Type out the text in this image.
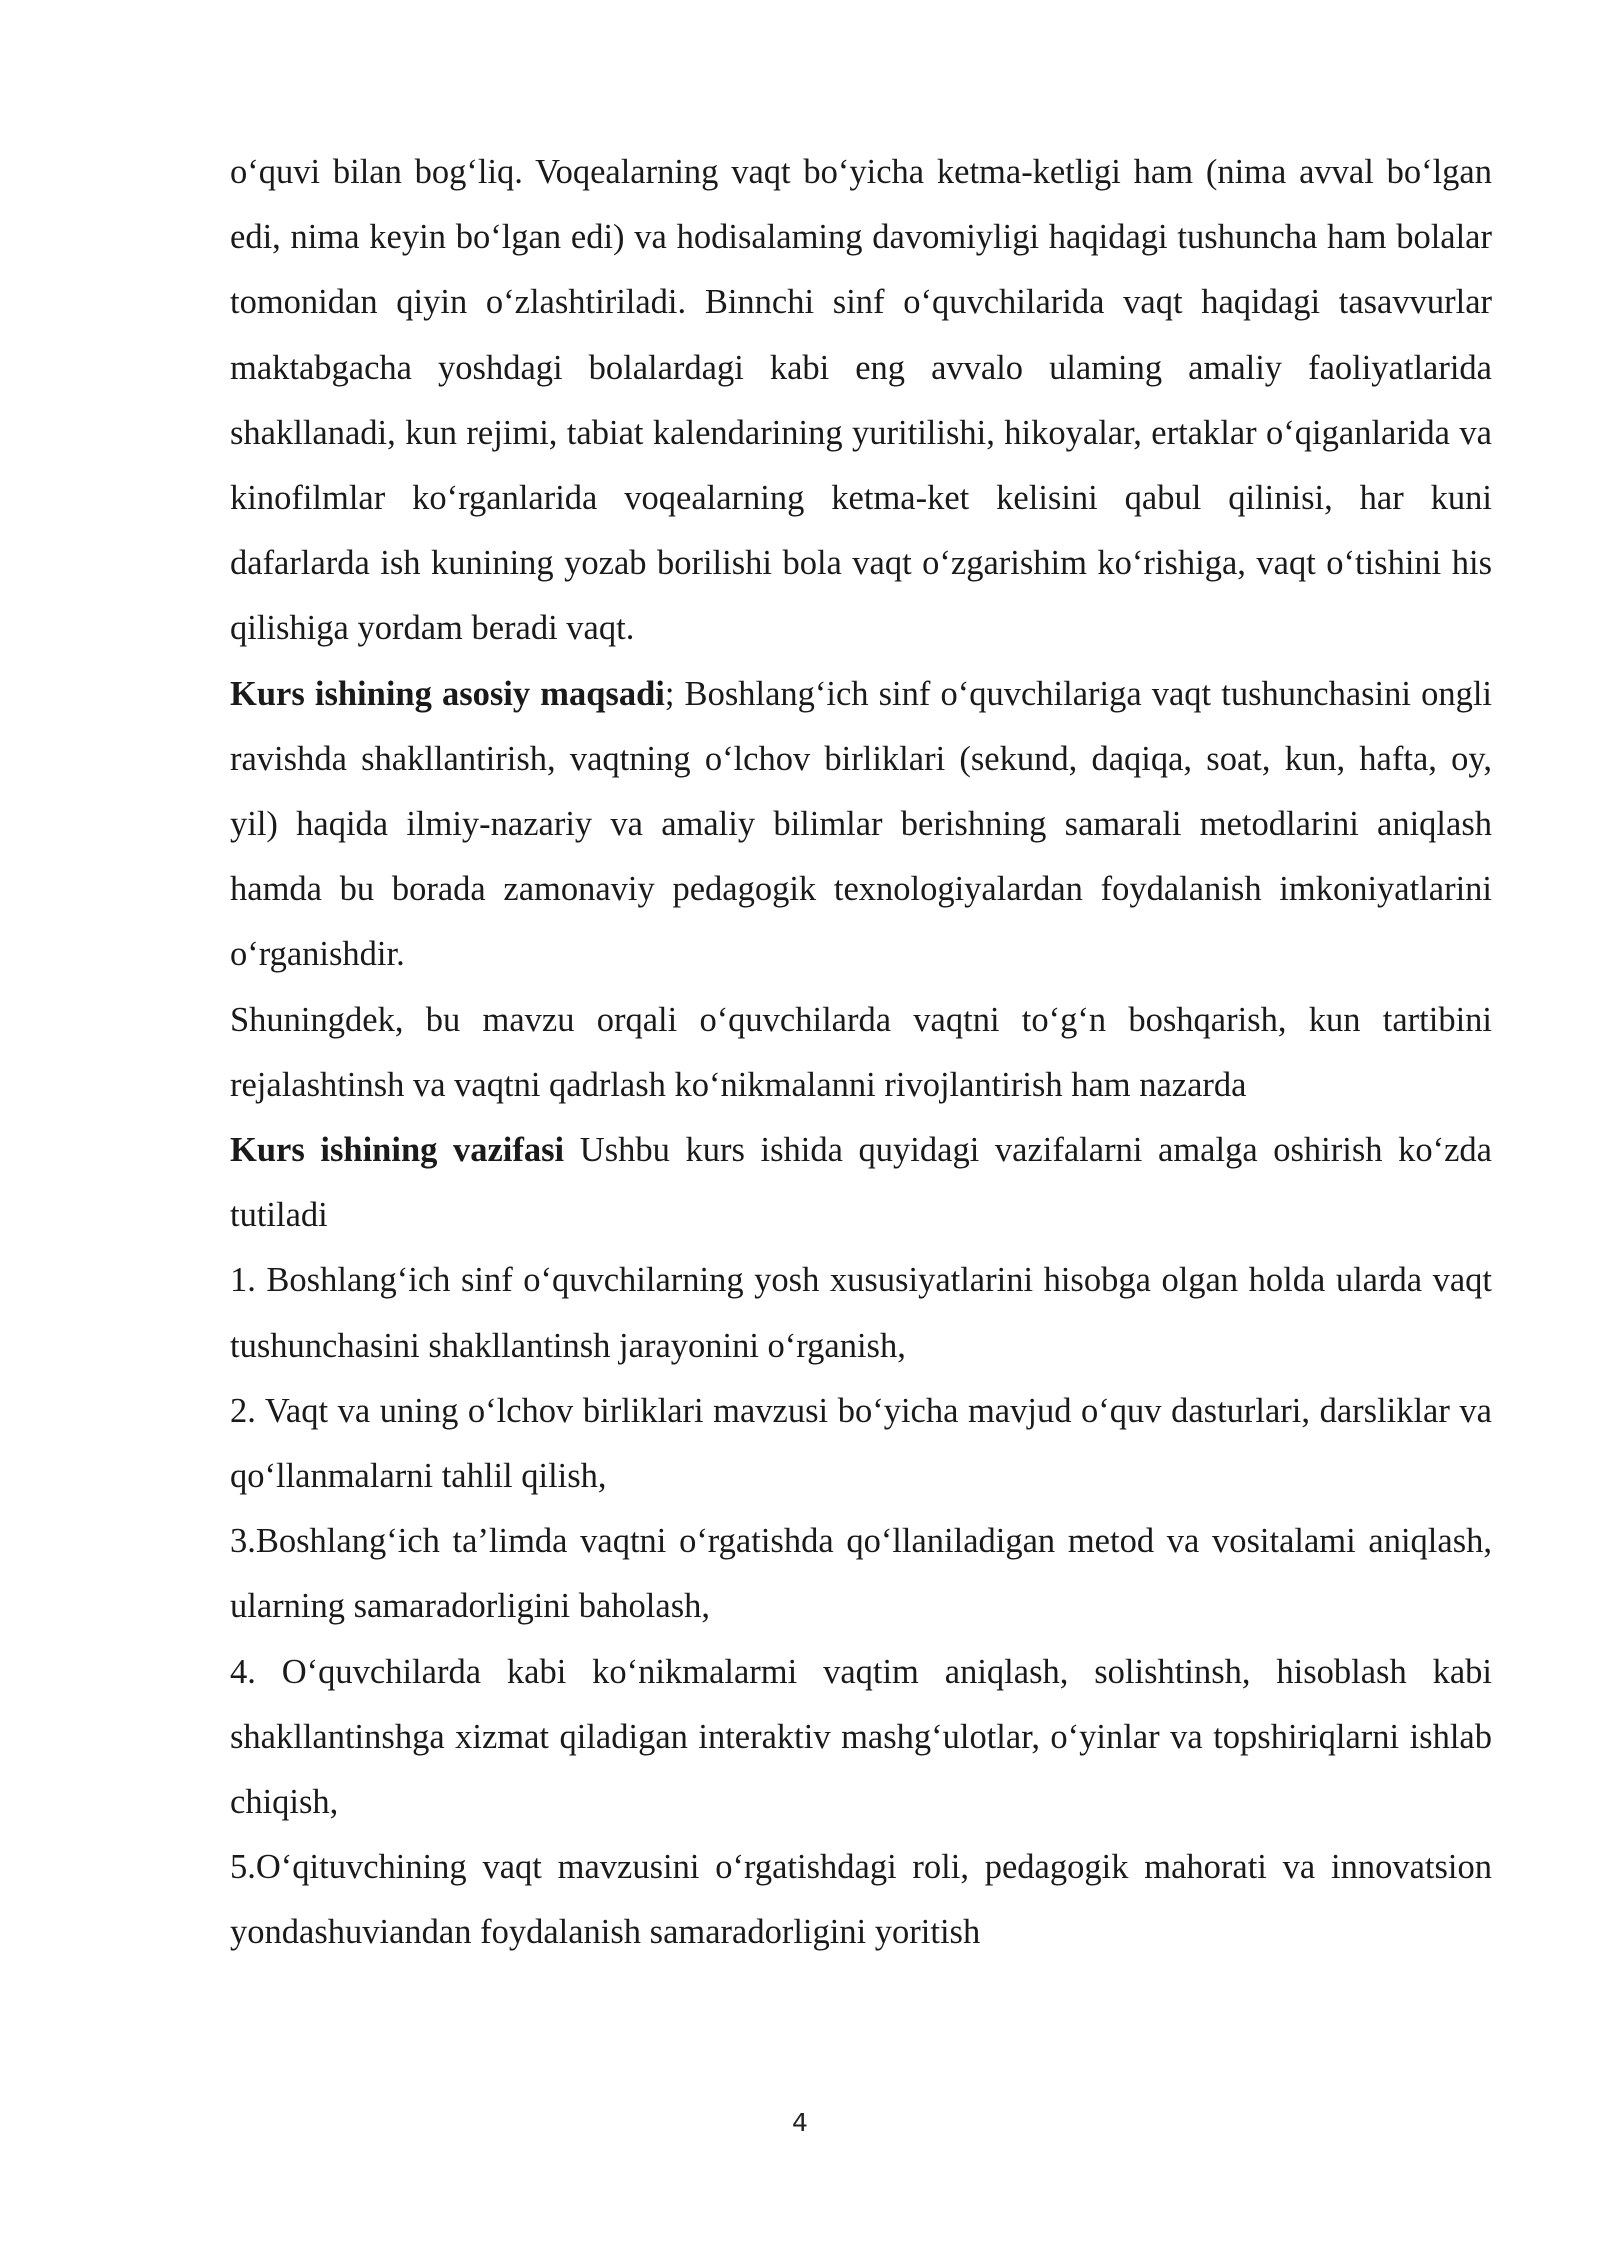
o‘quvi bilan bog‘liq. Voqealarning vaqt bo‘yicha ketma-ketligi ham (nima avval bo‘lgan edi, nima keyin bo‘lgan edi) va hodisalaming davomiyligi haqidagi tushuncha ham bolalar tomonidan qiyin o‘zlashtiriladi. Binnchi sinf o‘quvchilarida vaqt haqidagi tasavvurlar maktabgacha yoshdagi bolalardagi kabi eng avvalo ulaming amaliy faoliyatlarida shakllanadi, kun rejimi, tabiat kalendarining yuritilishi, hikoyalar, ertaklar o‘qiganlarida va kinofilmlar ko‘rganlarida voqealarning ketma-ket kelisini qabul qilinisi, har kuni dafarlarda ish kunining yozab borilishi bola vaqt o‘zgarishim ko‘rishiga, vaqt o‘tishini his qilishiga yordam beradi vaqt.

Kurs ishining asosiy maqsadi; Boshlang‘ich sinf o‘quvchilariga vaqt tushunchasini ongli ravishda shakllantirish, vaqtning o‘lchov birliklari (sekund, daqiqa, soat, kun, hafta, oy, yil) haqida ilmiy-nazariy va amaliy bilimlar berishning samarali metodlarini aniqlash hamda bu borada zamonaviy pedagogik texnologiyalardan foydalanish imkoniyatlarini o‘rganishdir.

Shuningdek, bu mavzu orqali o‘quvchilarda vaqtni to‘g‘n boshqarish, kun tartibini rejalashtinsh va vaqtni qadrlash ko‘nikmalanni rivojlantirish ham nazarda

Kurs ishining vazifasi Ushbu kurs ishida quyidagi vazifalarni amalga oshirish ko‘zda tutiladi

1. Boshlang‘ich sinf o‘quvchilarning yosh xususiyatlarini hisobga olgan holda ularda vaqt tushunchasini shakllantinsh jarayonini o‘rganish,

2. Vaqt va uning o‘lchov birliklari mavzusi bo‘yicha mavjud o‘quv dasturlari, darsliklar va qo‘llanmalarni tahlil qilish,

3.Boshlang‘ich ta’limda vaqtni o‘rgatishda qo‘llaniladigan metod va vositalami aniqlash, ularning samaradorligini baholash,

4. O‘quvchilarda kabi ko‘nikmalarmi vaqtim aniqlash, solishtinsh, hisoblash kabi shakllantinshga xizmat qiladigan interaktiv mashg‘ulotlar, o‘yinlar va topshiriqlarni ishlab chiqish,

5.O‘qituvchining vaqt mavzusini o‘rgatishdagi roli, pedagogik mahorati va innovatsion yondashuviandan foydalanish samaradorligini yoritish

4
